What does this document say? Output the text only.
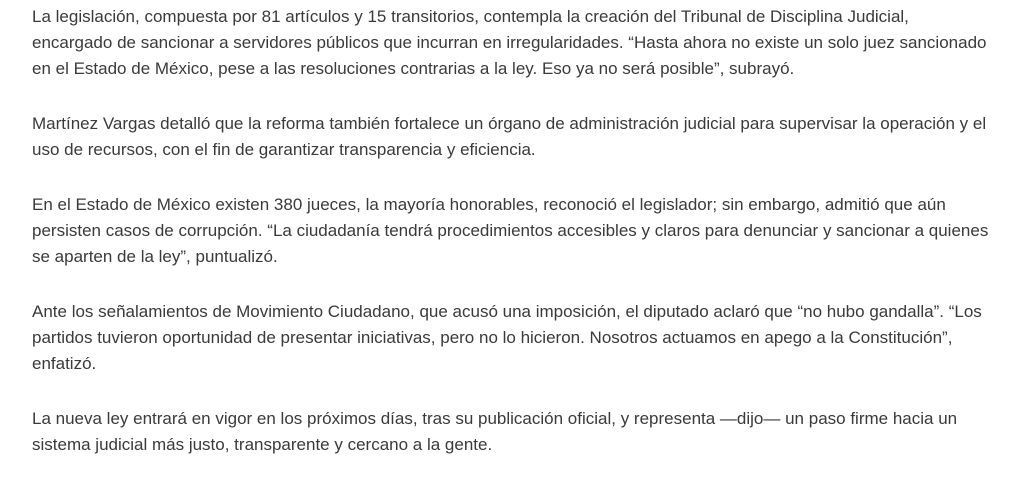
La legislación, compuesta por 81 artículos y 15 transitorios, contempla la creación del Tribunal de Disciplina Judicial, encargado de sancionar a servidores públicos que incurran en irregularidades. “Hasta ahora no existe un solo juez sancionado en el Estado de México, pese a las resoluciones contrarias a la ley. Eso ya no será posible”, subrayó.

Martínez Vargas detalló que la reforma también fortalece un órgano de administración judicial para supervisar la operación y el uso de recursos, con el fin de garantizar transparencia y eficiencia.

En el Estado de México existen 380 jueces, la mayoría honorables, reconoció el legislador; sin embargo, admitió que aún persisten casos de corrupción. “La ciudadanía tendrá procedimientos accesibles y claros para denunciar y sancionar a quienes se aparten de la ley”, puntualizó.

Ante los señalamientos de Movimiento Ciudadano, que acusó una imposición, el diputado aclaró que “no hubo gandalla”. “Los partidos tuvieron oportunidad de presentar iniciativas, pero no lo hicieron. Nosotros actuamos en apego a la Constitución”, enfatizó.

La nueva ley entrará en vigor en los próximos días, tras su publicación oficial, y representa —dijo— un paso firme hacia un sistema judicial más justo, transparente y cercano a la gente.
